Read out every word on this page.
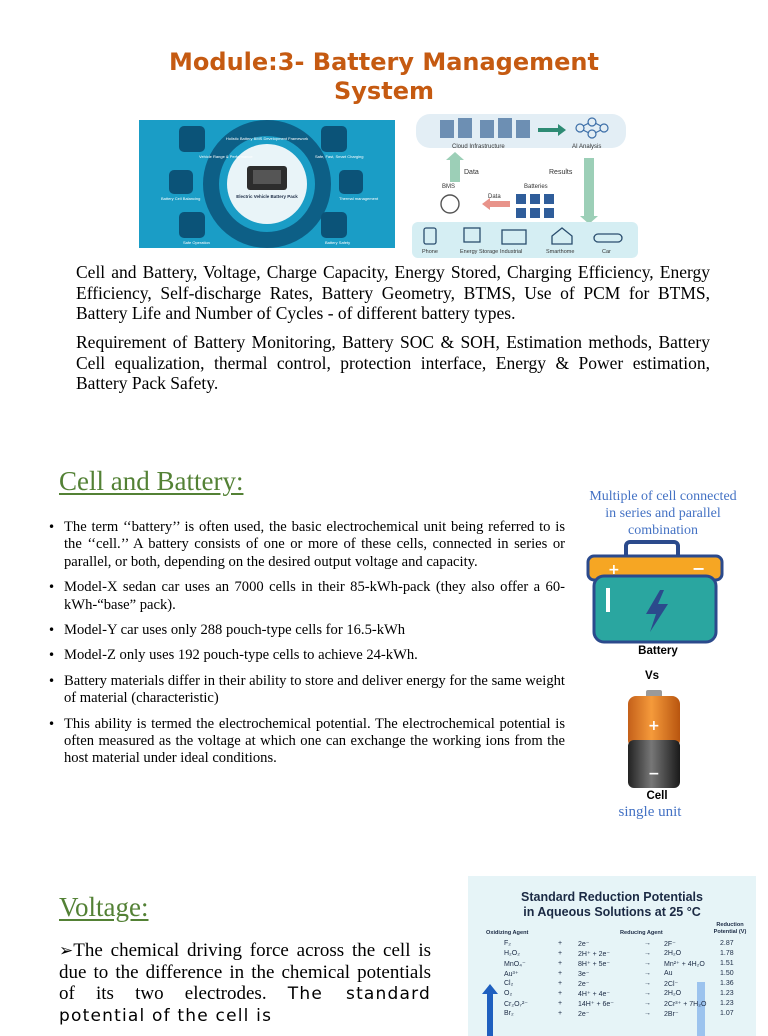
Module:3- Battery Management
System
Vehicle Range & Performance	Safe, Fast, Smart Charging
Thermal management
Battery Cell Balancing
Safe Operation	Battery Safety
Electric Vehicle Battery Pack
Holistic Battery BMS Development Framework
Cloud Infrastructure	AI Analysis
Data	Results
BMS
Data
Batteries
Phone	Energy Storage Industrial	Smarthome	Car
Cell and Battery, Voltage, Charge Capacity, Energy Stored, Charging Efficiency, Energy Efficiency, Self-discharge Rates, Battery Geometry, BTMS, Use of PCM for BTMS, Battery Life and Number of Cycles - of different battery types.
Requirement of Battery Monitoring, Battery SOC & SOH, Estimation methods, Battery Cell equalization, thermal control, protection interface, Energy & Power estimation, Battery Pack Safety.
Cell and Battery:
• The term ‘‘battery’’ is often used, the basic electrochemical unit being referred to is the ‘‘cell.’’ A battery consists of one or more of these cells, connected in series or parallel, or both, depending on the desired output voltage and capacity.
• Model-X sedan car uses an 7000 cells in their 85-kWh-pack (they also offer a 60-kWh-“base” pack).
• Model-Y car uses only 288 pouch-type cells for 16.5-kWh
• Model-Z only uses 192 pouch-type cells to achieve 24-kWh.
• Battery materials differ in their ability to store and deliver energy for the same weight of material (characteristic)
• This ability is termed the electrochemical potential. The electrochemical potential is often measured as the voltage at which one can exchange the working ions from the host material under ideal conditions.
Multiple of cell connected in series and parallel combination
+	−
Battery
Vs
+
−
Cell
single unit
Voltage:
➢The chemical driving force across the cell is due to the difference in the chemical potentials of its two electrodes. The standard potential of the cell is
Standard Reduction Potentials
in Aqueous Solutions at 25 °C
Oxidizing Agent	Reducing Agent
Reduction Potential (V)
F₂	+ 2e⁻	→ 2F⁻	2.87
H₂O₂	+ 2H⁺ + 2e⁻	→ 2H₂O	1.78
MnO₄⁻	+ 8H⁺ + 5e⁻	→ Mn²⁺ + 4H₂O 1.51
Au³⁺	+ 3e⁻	→ Au	1.50
Cl₂	+ 2e⁻	→ 2Cl⁻	1.36
O₂	+ 4H⁺ + 4e⁻	→ 2H₂O	1.23
Cr₂O₇²⁻	+ 14H⁺ + 6e⁻	→ 2Cr³⁺ + 7H₂O 1.23
Br₂	+ 2e⁻	→ 2Br⁻	1.07
